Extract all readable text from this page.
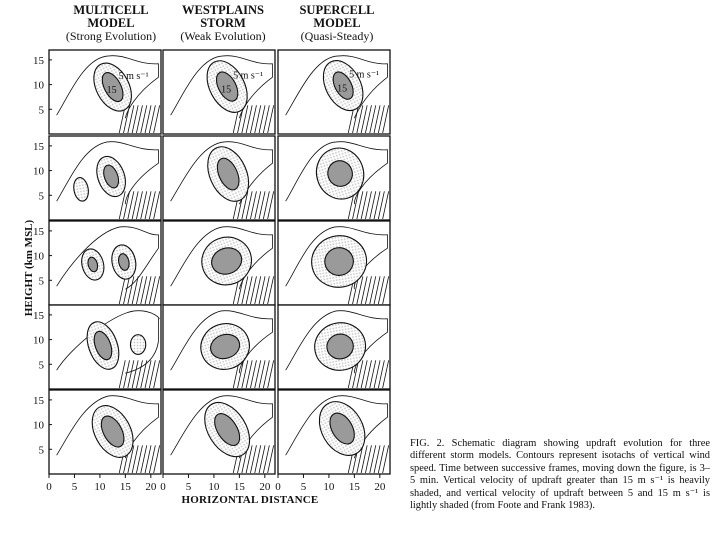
MULTICELL
MODEL
(Strong Evolution)
WESTPLAINS
STORM
(Weak Evolution)
SUPERCELL
MODEL
(Quasi-Steady)
HEIGHT (km MSL)
HORIZONTAL DISTANCE
5 m s⁻¹
15
15
10
5
15
10
5
15
10
5
15
10
5
15
10
5
0 5 10 15 20
5 m s⁻¹
15
0 5 10 15 20
5 m s⁻¹
15
0 5 10 15 20
FIG. 2. Schematic diagram showing updraft evolution for three different storm models. Contours represent isotachs of vertical wind speed. Time between successive frames, moving down the figure, is 3–5 min. Vertical velocity of updraft greater than 15 m s⁻¹ is heavily shaded, and vertical velocity of updraft between 5 and 15 m s⁻¹ is lightly shaded (from Foote and Frank 1983).
